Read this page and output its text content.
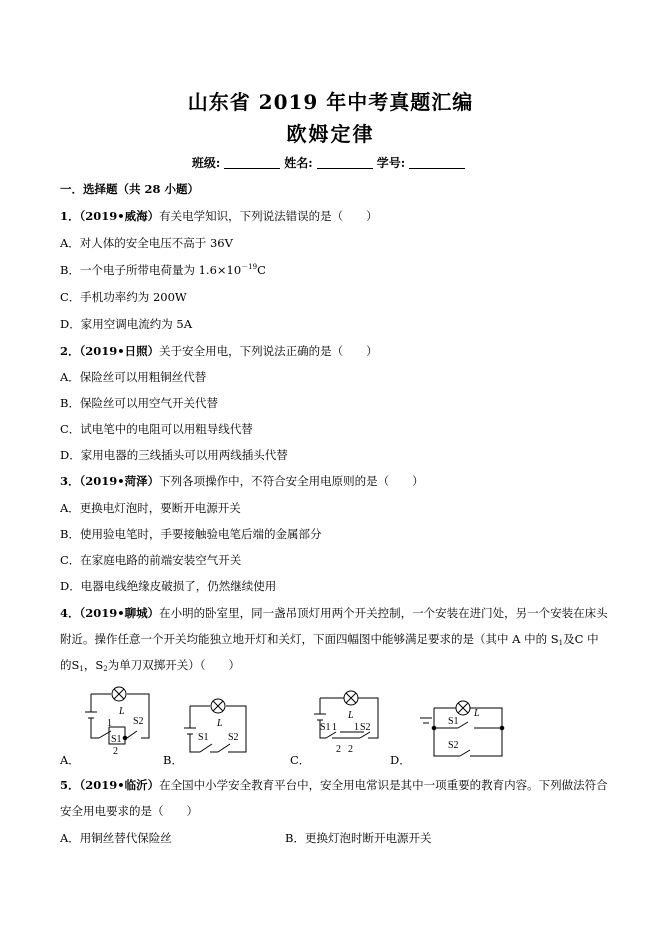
山东省 2019 年中考真题汇编
欧姆定律
班级:	姓名:	学号:
一．选择题（共 28 小题）
1．（2019•威海）有关电学知识，下列说法错误的是（　　）
A．对人体的安全电压不高于 36V
B．一个电子所带电荷量为 $1.6\times 10^{-19}C$
C．手机功率约为 200W
D．家用空调电流约为 5A
2．（2019•日照）关于安全用电，下列说法正确的是（　　）
A．保险丝可以用粗铜丝代替
B．保险丝可以用空气开关代替
C．试电笔中的电阻可以用粗导线代替
D．家用电器的三线插头可以用两线插头代替
3．（2019•菏泽）下列各项操作中，不符合安全用电原则的是（　　）
A．更换电灯泡时，要断开电源开关
B．使用验电笔时，手要接触验电笔后端的金属部分
C．在家庭电路的前端安装空气开关
D．电器电线绝缘皮破损了，仍然继续使用
4．（2019•聊城）在小明的卧室里，同一盏吊顶灯用两个开关控制，一个安装在进门处，另一个安装在床头
附近。操作任意一个开关均能独立地开灯和关灯，下面四幅图中能够满足要求的是（其中 A 中的 $S_1$及C 中
的$S_1$，$S_2$为单刀双掷开关）（　　）
A．
L
1
S1
S2
2
B．
L
S1 S2
C．
L
S1 1 1 S2
2 2
D．
L
S1
S2
5．（2019•临沂）在全国中小学安全教育平台中，安全用电常识是其中一项重要的教育内容。下列做法符合
安全用电要求的是（　　）
A．用铜丝替代保险丝	B．更换灯泡时断开电源开关
